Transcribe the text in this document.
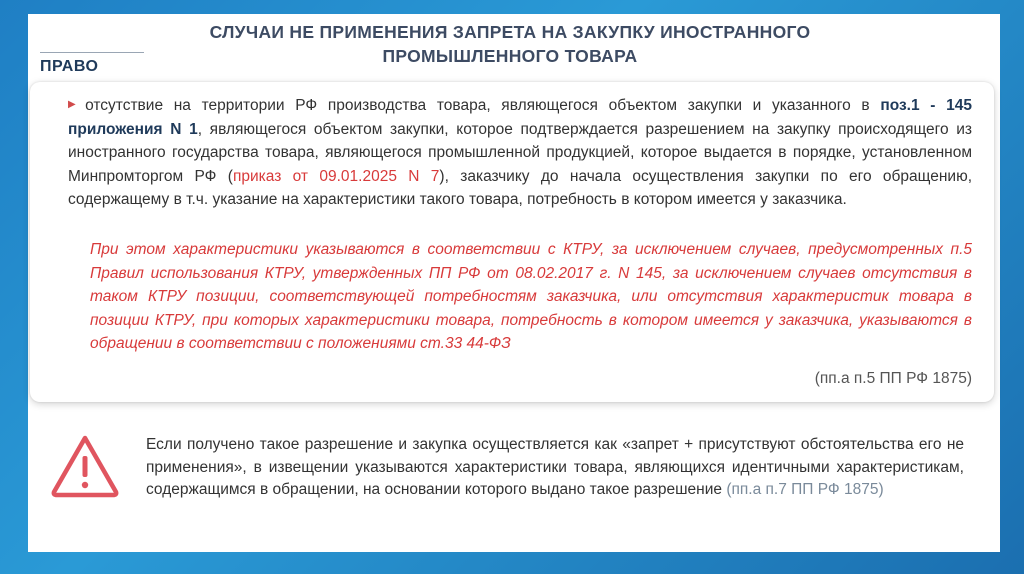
ПРАВО
СЛУЧАИ НЕ ПРИМЕНЕНИЯ ЗАПРЕТА НА ЗАКУПКУ ИНОСТРАННОГО
ПРОМЫШЛЕННОГО ТОВАРА
▶ отсутствие на территории РФ производства товара, являющегося объектом закупки и указанного в поз.1 - 145 приложения N 1, являющегося объектом закупки, которое подтверждается разрешением на закупку происходящего из иностранного государства товара, являющегося промышленной продукцией, которое выдается в порядке, установленном Минпромторгом РФ (приказ от 09.01.2025 N 7), заказчику до начала осуществления закупки по его обращению, содержащему в т.ч. указание на характеристики такого товара, потребность в котором имеется у заказчика.
При этом характеристики указываются в соответствии с КТРУ, за исключением случаев, предусмотренных п.5 Правил использования КТРУ, утвержденных ПП РФ от 08.02.2017 г. N 145, за исключением случаев отсутствия в таком КТРУ позиции, соответствующей потребностям заказчика, или отсутствия характеристик товара в позиции КТРУ, при которых характеристики товара, потребность в котором имеется у заказчика, указываются в обращении в соответствии с положениями ст.33 44-ФЗ
(пп.а п.5 ПП РФ 1875)
Если получено такое разрешение и закупка осуществляется как «запрет + присутствуют обстоятельства его не применения», в извещении указываются характеристики товара, являющихся идентичными характеристикам, содержащимся в обращении, на основании которого выдано такое разрешение (пп.а п.7 ПП РФ 1875)
